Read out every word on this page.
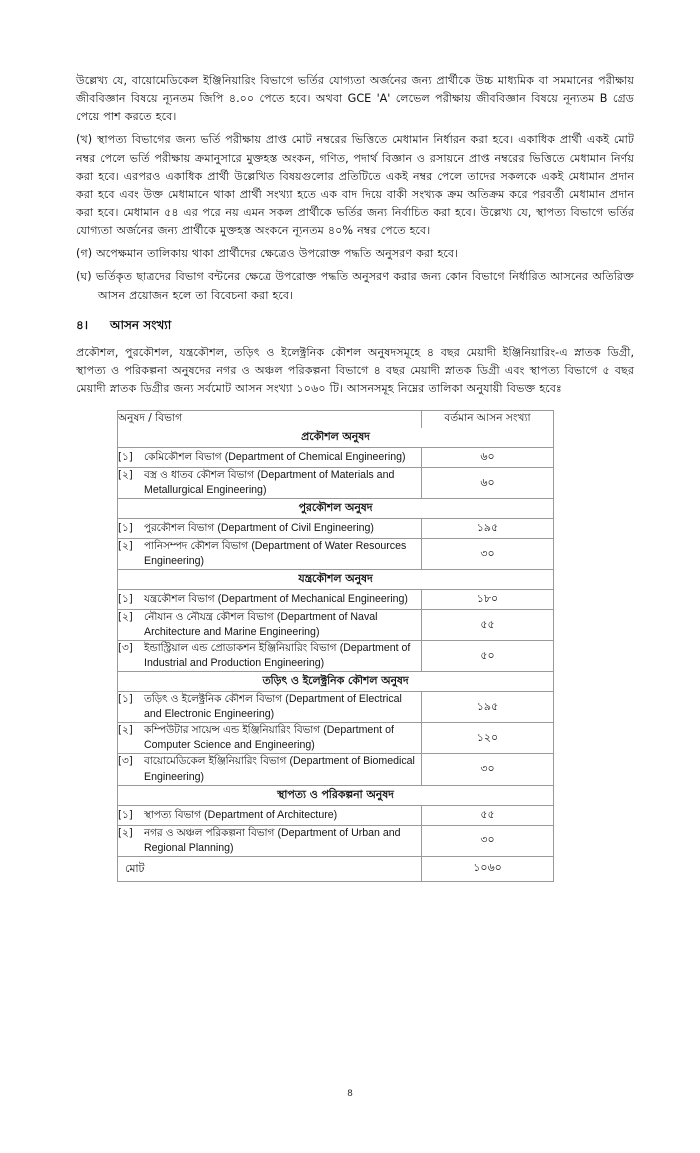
উল্লেখ্য যে, বায়োমেডিকেল ইঞ্জিনিয়ারিং বিভাগে ভর্তির যোগ্যতা অর্জনের জন্য প্রার্থীকে উচ্চ মাধ্যমিক বা সমমানের পরীক্ষায় জীববিজ্ঞান বিষয়ে ন্যূনতম জিপি ৪.০০ পেতে হবে। অথবা GCE 'A' লেভেল পরীক্ষায় জীববিজ্ঞান বিষয়ে নূন্যতম B গ্রেড পেয়ে পাশ করতে হবে।

(খ) স্থাপত্য বিভাগের জন্য ভর্তি পরীক্ষায় প্রাপ্ত মোট নম্বরের ভিত্তিতে মেধামান নির্ধারন করা হবে। একাধিক প্রার্থী একই মোট নম্বর পেলে ভর্তি পরীক্ষায় ক্রমানুসারে মুক্তহস্ত অংকন, গণিত, পদার্থ বিজ্ঞান ও রসায়নে প্রাপ্ত নম্বরের ভিত্তিতে মেধামান নির্ণয় করা হবে। এরপরও একাধিক প্রার্থী উল্লেখিত বিষয়গুলোর প্রতিটিতে একই নম্বর পেলে তাদের সকলকে একই মেধামান প্রদান করা হবে এবং উক্ত মেধামানে থাকা প্রার্থী সংখ্যা হতে এক বাদ দিয়ে বাকী সংখ্যক ক্রম অতিক্রম করে পরবর্তী মেধামান প্রদান করা হবে। মেধামান ৫৪ এর পরে নয় এমন সকল প্রার্থীকে ভর্তির জন্য নির্বাচিত করা হবে। উল্লেখ্য যে, স্থাপত্য বিভাগে ভর্তির যোগ্যতা অর্জনের জন্য প্রার্থীকে মুক্তহস্ত অংকনে ন্যূনতম ৪০% নম্বর পেতে হবে।

(গ) অপেক্ষমান তালিকায় থাকা প্রার্থীদের ক্ষেত্রেও উপরোক্ত পদ্ধতি অনুসরণ করা হবে।

(ঘ) ভর্তিকৃত ছাত্রদের বিভাগ বন্টনের ক্ষেত্রে উপরোক্ত পদ্ধতি অনুসরণ করার জন্য কোন বিভাগে নির্ধারিত আসনের অতিরিক্ত আসন প্রয়োজন হলে তা বিবেচনা করা হবে।

৪।	আসন সংখ্যা

প্রকৌশল, পুরকৌশল, যন্ত্রকৌশল, তড়িৎ ও ইলেক্ট্রনিক কৌশল অনুষদসমূহে ৪ বছর মেয়াদী ইঞ্জিনিয়ারিং-এ স্নাতক ডিগ্রী, স্থাপত্য ও পরিকল্পনা অনুষদের নগর ও অঞ্চল পরিকল্পনা বিভাগে ৪ বছর মেয়াদী স্নাতক ডিগ্রী এবং স্থাপত্য বিভাগে ৫ বছর মেয়াদী স্নাতক ডিগ্রীর জন্য সর্বমোট আসন সংখ্যা ১০৬০ টি। আসনসমূহ নিম্নের তালিকা অনুযায়ী বিভক্ত হবেঃ

অনুষদ / বিভাগ	বর্তমান আসন সংখ্যা
প্রকৌশল অনুষদ	

[১] কেমিকৌশল বিভাগ (Department of Chemical Engineering)	৬০

[২] বস্ত্র ও ধাতব কৌশল বিভাগ (Department of Materials and Metallurgical Engineering)	৬০
পুরকৌশল অনুষদ	

[১] পুরকৌশল বিভাগ (Department of Civil Engineering)	১৯৫

[২] পানিসম্পদ কৌশল বিভাগ (Department of Water Resources Engineering)	৩০
যন্ত্রকৌশল অনুষদ	

[১] যন্ত্রকৌশল বিভাগ (Department of Mechanical Engineering)	১৮০

[২] নৌযান ও নৌযন্ত্র কৌশল বিভাগ (Department of Naval Architecture and Marine Engineering)	৫৫

[৩] ইন্ডাস্ট্রিয়াল এন্ড প্রোডাকশন ইঞ্জিনিয়ারিং বিভাগ (Department of Industrial and Production Engineering)	৫০
তড়িৎ ও ইলেক্ট্রনিক কৌশল অনুষদ	

[১] তড়িৎ ও ইলেক্ট্রনিক কৌশল বিভাগ (Department of Electrical and Electronic Engineering)	১৯৫

[২] কম্পিউটার সায়েন্স এন্ড ইঞ্জিনিয়ারিং বিভাগ (Department of Computer Science and Engineering)	১২০

[৩] বায়োমেডিকেল ইঞ্জিনিয়ারিং বিভাগ (Department of Biomedical Engineering)	৩০
স্থাপত্য ও পরিকল্পনা অনুষদ	

[১] স্থাপত্য বিভাগ (Department of Architecture)	৫৫

[২] নগর ও অঞ্চল পরিকল্পনা বিভাগ (Department of Urban and Regional Planning)	৩০
মোট	১০৬০
8
